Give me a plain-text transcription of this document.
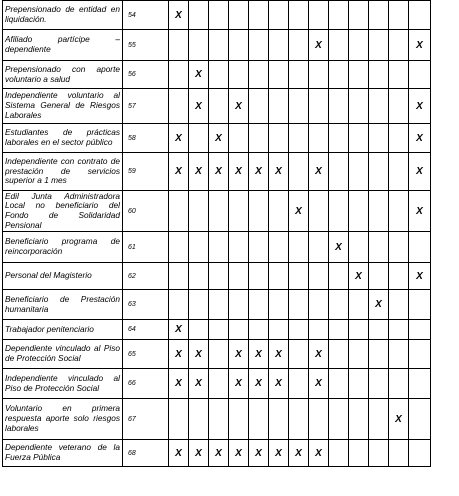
Prepensionado de entidad en liquidación.	54	X												
Afiliado partícipe – dependiente	55								X					X
Prepensionado con aporte voluntario a salud	56		X											
Independiente voluntario al Sistema General de Riesgos Laborales	57		X		X									X
Estudiantes de prácticas laborales en el sector público	58	X		X										X
Independiente con contrato de prestación de servicios superior a 1 mes	59	X	X	X	X	X	X		X					X
Edil Junta Administradora Local no beneficiario del Fondo de Solidaridad Pensional	60							X						X
Beneficiario programa de reincorporación	61									X				
Personal del Magisterio	62										X			X
Beneficiario de Prestación humanitaria	63											X		
Trabajador penitenciario	64	X												
Dependiente vinculado al Piso de Protección Social	65	X	X		X	X	X		X					
Independiente vinculado al Piso de Protección Social	66	X	X		X	X	X		X					
Voluntario en primera respuesta aporte solo riesgos laborales	67												X	
Dependiente veterano de la Fuerza Pública	68	X	X	X	X	X	X	X	X					
